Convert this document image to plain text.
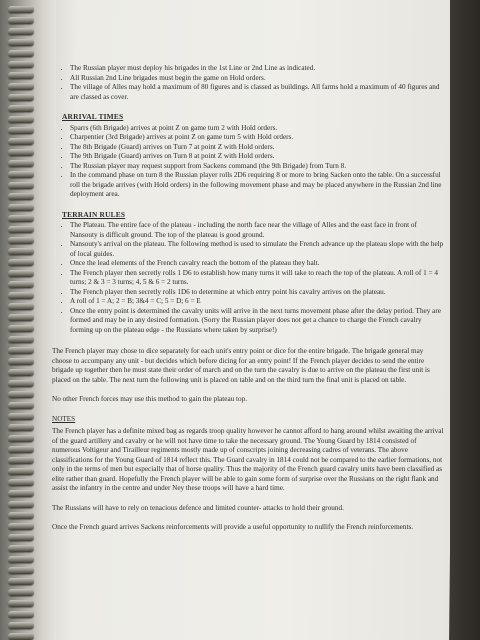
• The Russian player must deploy his brigades in the 1st Line or 2nd Line as indicated.
• All Russian 2nd Line brigades must begin the game on Hold orders.
• The village of Alles may hold a maximum of 80 figures and is classed as buildings. All farms hold a maximum of 40 figures and are classed as cover.
ARRIVAL TIMES
• Sparrs (6th Brigade) arrives at point Z on game turn 2 with Hold orders.
• Charpentier (3rd Brigade) arrives at point Z on game turn 5 with Hold orders.
• The 8th Brigade (Guard) arrives on Turn 7 at point Z with Hold orders.
• The 9th Brigade (Guard) arrives on Turn 8 at point Z with Hold orders.
• The Russian player may request support from Sackens command (the 9th Brigade) from Turn 8.
• In the command phase on turn 8 the Russian player rolls 2D6 requiring 8 or more to bring Sacken onto the table. On a successful roll the brigade arrives (with Hold orders) in the following movement phase and may be placed anywhere in the Russian 2nd line deployment area.
TERRAIN RULES
• The Plateau. The entire face of the plateau - including the north face near the village of Alles and the east face in front of Nansouty is difficult ground. The top of the plateau is good ground.
• Nansouty's arrival on the plateau. The following method is used to simulate the French advance up the plateau slope with the help of local guides.
• Once the lead elements of the French cavalry reach the bottom of the plateau they halt.
• The French player then secretly rolls 1 D6 to establish how many turns it will take to reach the top of the plateau. A roll of 1 = 4 turns; 2 & 3 = 3 turns; 4, 5 & 6 = 2 turns.
• The French player then secretly rolls 1D6 to determine at which entry point his cavalry arrives on the plateau.
• A roll of 1 = A; 2 = B; 3&4 = C; 5 = D; 6 = E
• Once the entry point is determined the cavalry units will arrive in the next turns movement phase after the delay period. They are formed and may be in any desired formation. (Sorry the Russian player does not get a chance to charge the French cavalry forming up on the plateau edge - the Russians where taken by surprise!)

The French player may chose to dice separately for each unit's entry point or dice for the entire brigade. The brigade general may choose to accompany any unit - but decides which before dicing for an entry point! If the French player decides to send the entire brigade up together then he must state their order of march and on the turn the cavalry is due to arrive on the plateau the first unit is placed on the table. The next turn the following unit is placed on table and on the third turn the final unit is placed on table.

No other French forces may use this method to gain the plateau top.

NOTES

The French player has a definite mixed bag as regards troop quality however he cannot afford to hang around whilst awaiting the arrival of the guard artillery and cavalry or he will not have time to take the necessary ground. The Young Guard by 1814 consisted of numerous Voltigeur and Tirailleur regiments mostly made up of conscripts joining decreasing cadres of veterans. The above classifications for the Young Guard of 1814 reflect this. The Guard cavalry in 1814 could not be compared to the earlier formations, not only in the terms of men but especially that of horse quality. Thus the majority of the French guard cavalry units have been classified as elite rather than guard. Hopefully the French player will be able to gain some form of surprise over the Russians on the right flank and assist the infantry in the centre and under Ney these troops will have a hard time.

The Russians will have to rely on tenacious defence and limited counter- attacks to hold their ground.

Once the French guard arrives Sackens reinforcements will provide a useful opportunity to nullify the French reinforcements.
